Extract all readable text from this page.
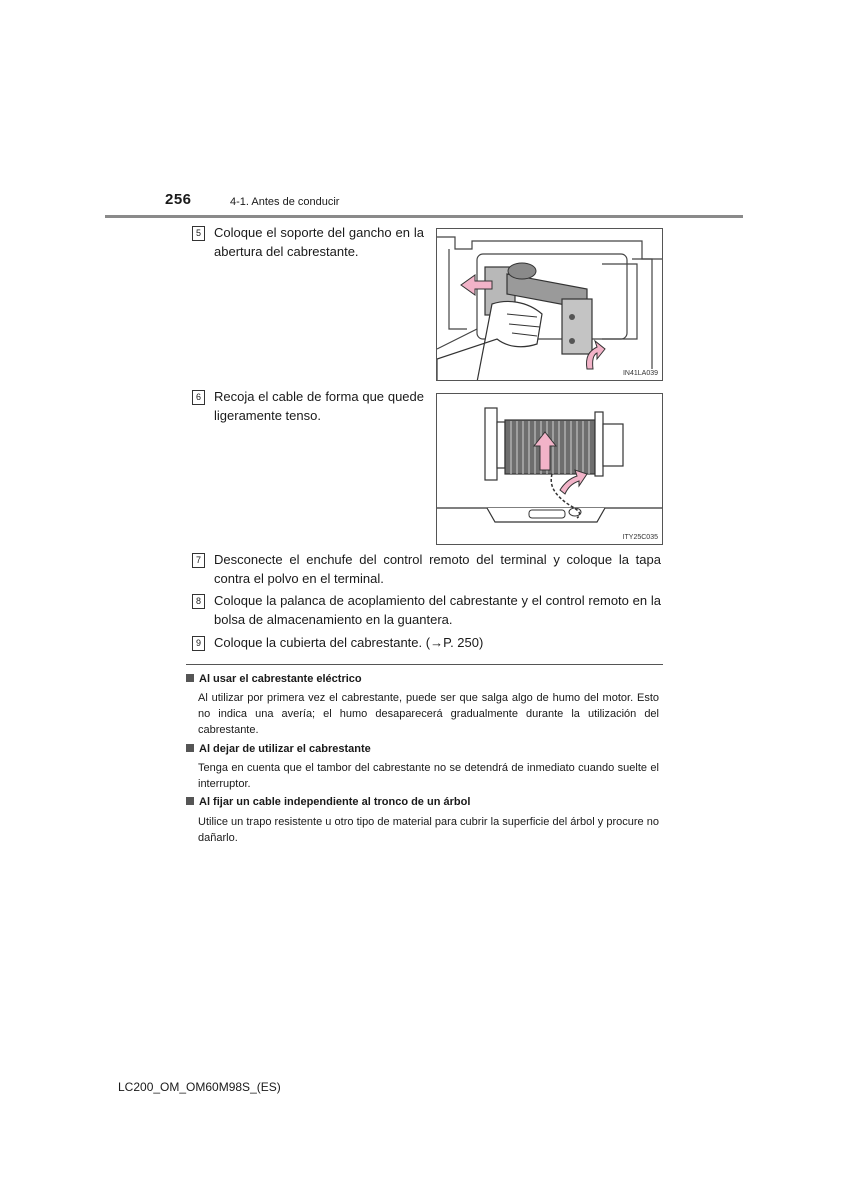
256	4-1. Antes de conducir
5	Coloque el soporte del gancho en la abertura del cabrestante.
IN41LA039
6	Recoja el cable de forma que quede ligeramente tenso.
ITY25C035
7	Desconecte el enchufe del control remoto del terminal y coloque la tapa contra el polvo en el terminal.
8	Coloque la palanca de acoplamiento del cabrestante y el control remoto en la bolsa de almacenamiento en la guantera.
9	Coloque la cubierta del cabrestante. (→P. 250)
Al usar el cabrestante eléctrico
Al utilizar por primera vez el cabrestante, puede ser que salga algo de humo del motor. Esto no indica una avería; el humo desaparecerá gradualmente durante la utilización del cabrestante.
Al dejar de utilizar el cabrestante
Tenga en cuenta que el tambor del cabrestante no se detendrá de inmediato cuando suelte el interruptor.
Al fijar un cable independiente al tronco de un árbol
Utilice un trapo resistente u otro tipo de material para cubrir la superficie del árbol y procure no dañarlo.
LC200_OM_OM60M98S_(ES)
